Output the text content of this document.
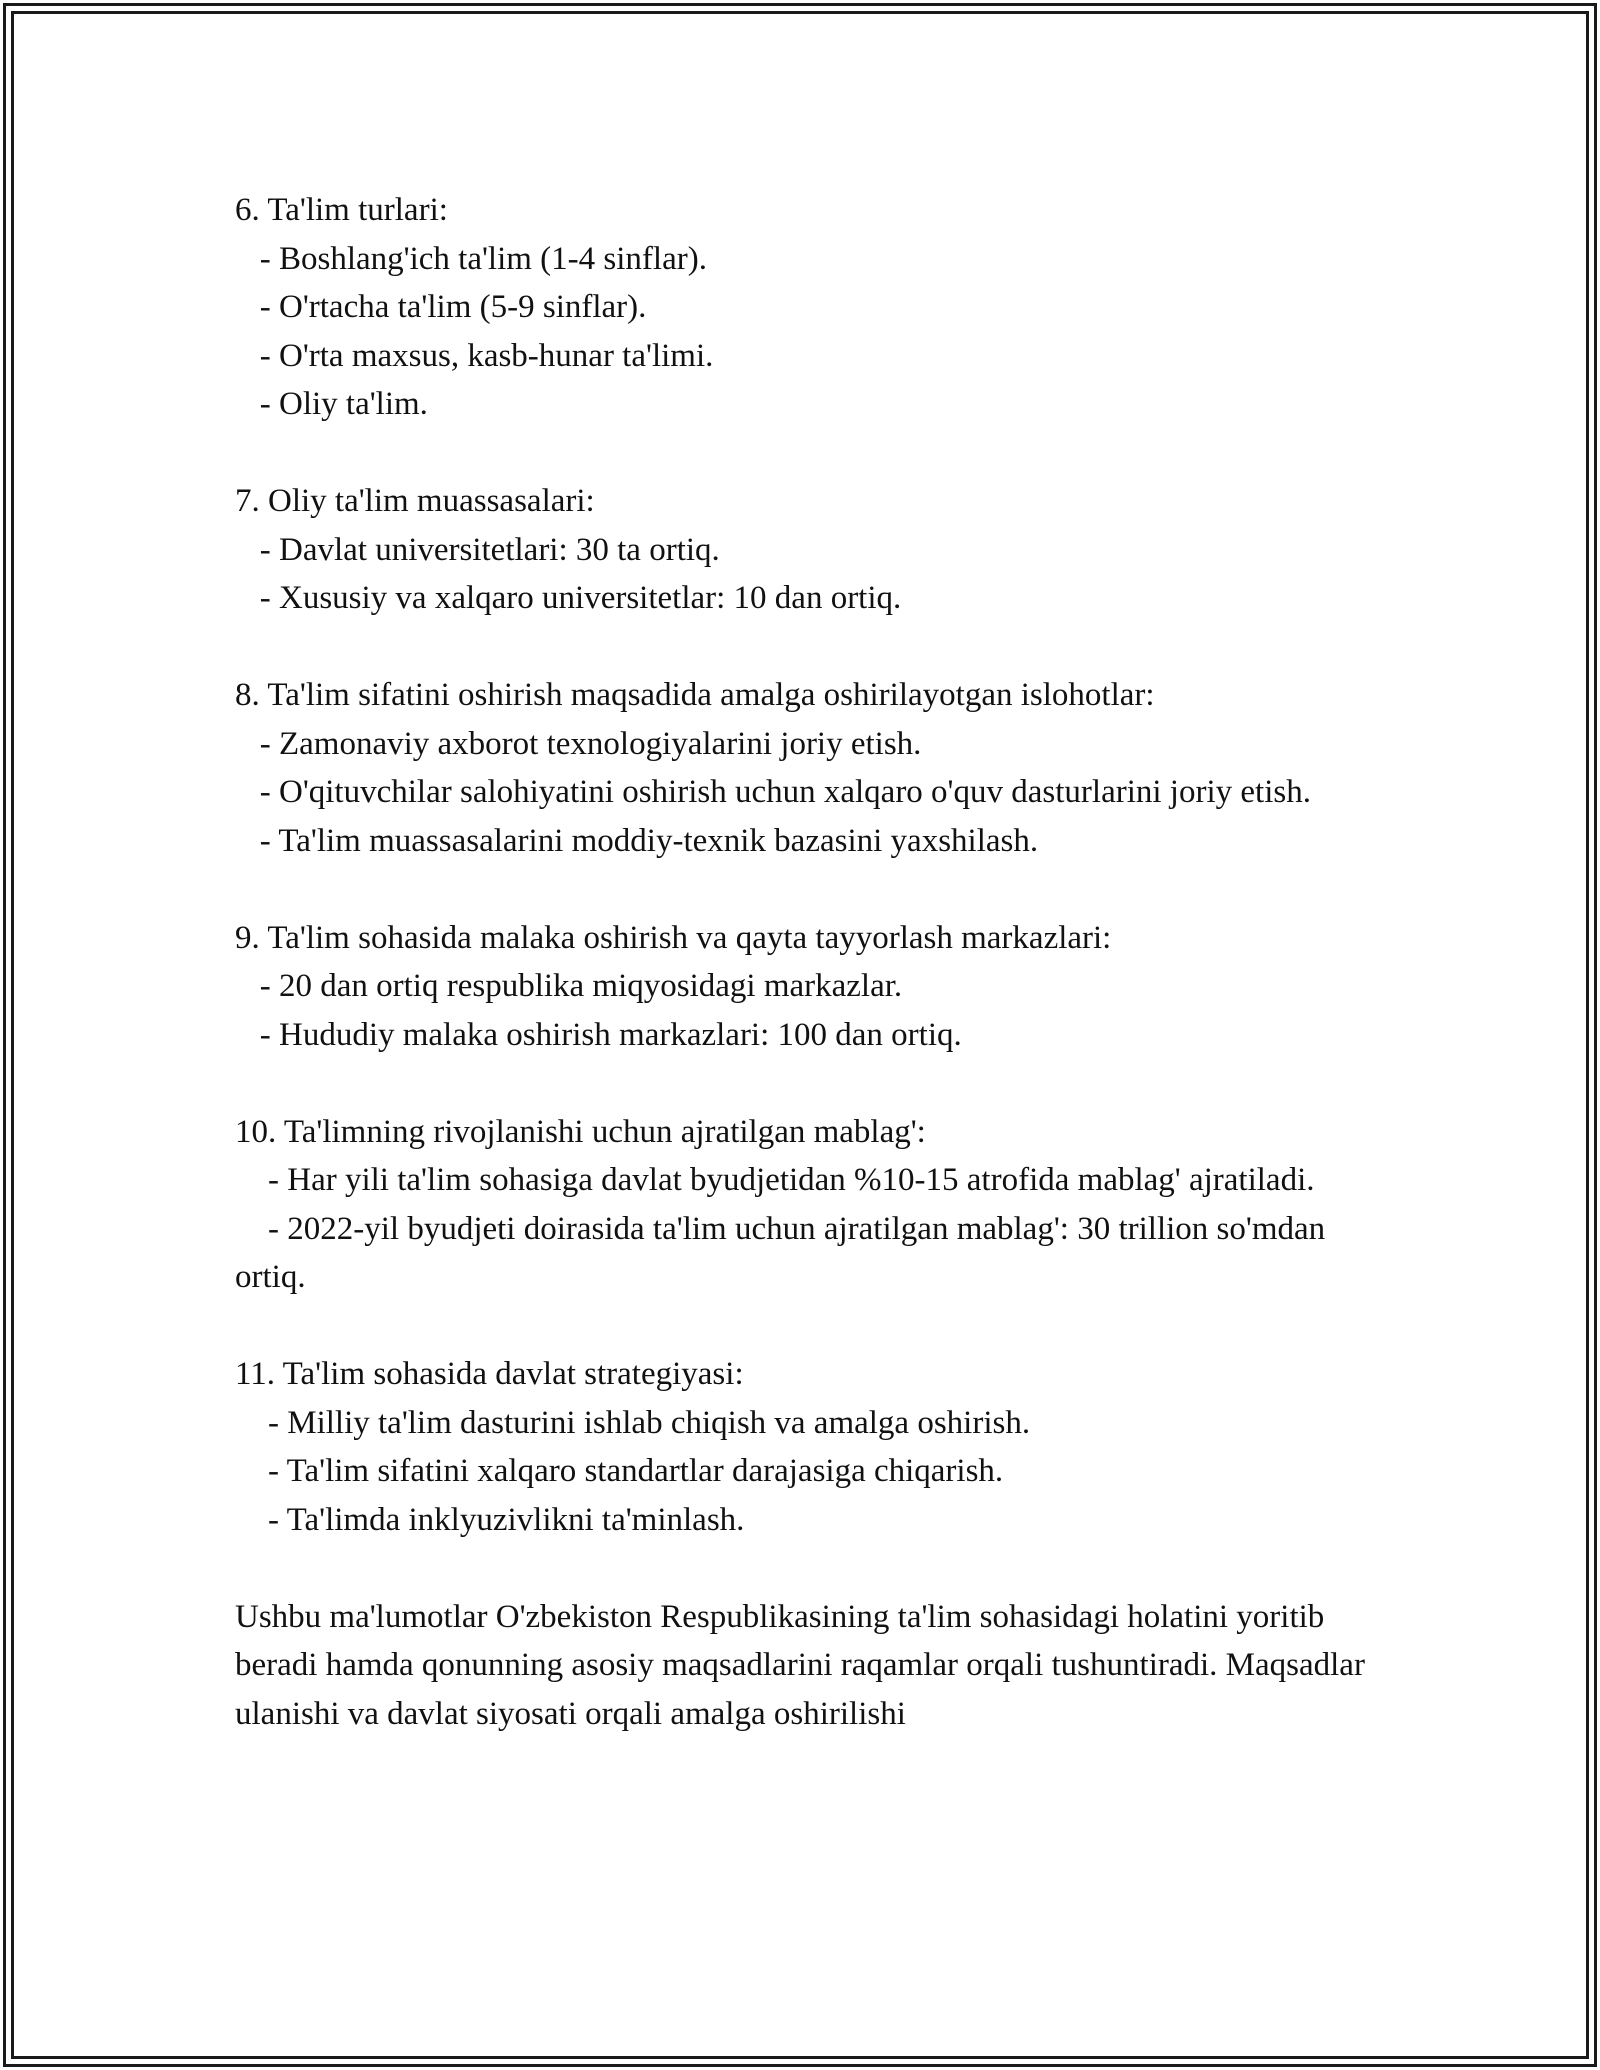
6. Ta'lim turlari:

- Boshlang'ich ta'lim (1-4 sinflar).

- O'rtacha ta'lim (5-9 sinflar).

- O'rta maxsus, kasb-hunar ta'limi.

- Oliy ta'lim.

7. Oliy ta'lim muassasalari:

- Davlat universitetlari: 30 ta ortiq.

- Xususiy va xalqaro universitetlar: 10 dan ortiq.

8. Ta'lim sifatini oshirish maqsadida amalga oshirilayotgan islohotlar:

- Zamonaviy axborot texnologiyalarini joriy etish.

- O'qituvchilar salohiyatini oshirish uchun xalqaro o'quv dasturlarini joriy etish.

- Ta'lim muassasalarini moddiy-texnik bazasini yaxshilash.

9. Ta'lim sohasida malaka oshirish va qayta tayyorlash markazlari:

- 20 dan ortiq respublika miqyosidagi markazlar.

- Hududiy malaka oshirish markazlari: 100 dan ortiq.

10. Ta'limning rivojlanishi uchun ajratilgan mablag':

- Har yili ta'lim sohasiga davlat byudjetidan %10-15 atrofida mablag' ajratiladi.

- 2022-yil byudjeti doirasida ta'lim uchun ajratilgan mablag': 30 trillion so'mdan ortiq.

11. Ta'lim sohasida davlat strategiyasi:

- Milliy ta'lim dasturini ishlab chiqish va amalga oshirish.

- Ta'lim sifatini xalqaro standartlar darajasiga chiqarish.

- Ta'limda inklyuzivlikni ta'minlash.

Ushbu ma'lumotlar O'zbekiston Respublikasining ta'lim sohasidagi holatini yoritib beradi hamda qonunning asosiy maqsadlarini raqamlar orqali tushuntiradi. Maqsadlar ulanishi va davlat siyosati orqali amalga oshirilishi
